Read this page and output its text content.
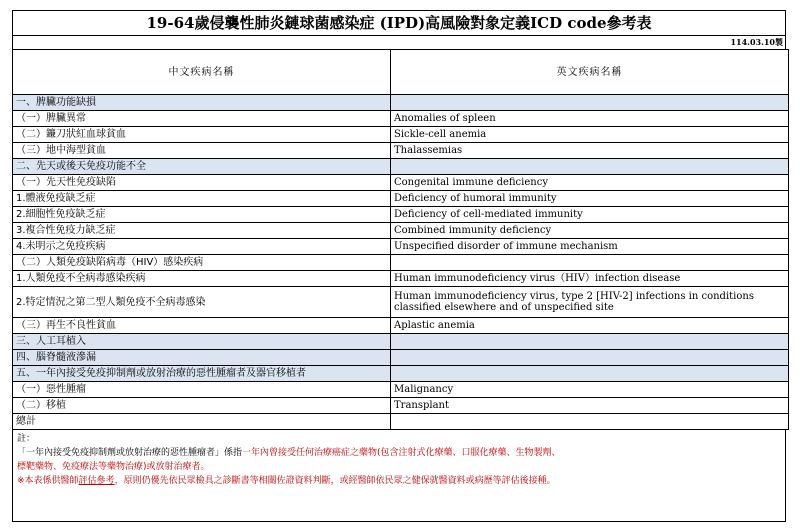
19-64歲侵襲性肺炎鏈球菌感染症 (IPD)高風險對象定義ICD code參考表
114.03.10製
中文疾病名稱	英文疾病名稱
一、脾臟功能缺損	
（一）脾臟異常	Anomalies of spleen
（二）鐮刀狀紅血球貧血	Sickle-cell anemia
（三）地中海型貧血	Thalassemias
二、先天或後天免疫功能不全	
（一）先天性免疫缺陷	Congenital immune deficiency
1.體液免疫缺乏症	Deficiency of humoral immunity
2.細胞性免疫缺乏症	Deficiency of cell-mediated immunity
3.複合性免疫力缺乏症	Combined immunity deficiency
4.未明示之免疫疾病	Unspecified disorder of immune mechanism
（二）人類免疫缺陷病毒（HIV）感染疾病	
1.人類免疫不全病毒感染疾病	Human immunodeficiency virus（HIV）infection disease
2.特定情況之第二型人類免疫不全病毒感染	Human immunodeficiency virus, type 2 [HIV-2] infections in conditions classified elsewhere and of unspecified site
（三）再生不良性貧血	Aplastic anemia
三、人工耳植入	
四、腦脊髓液滲漏	
五、一年內接受免疫抑制劑或放射治療的惡性腫瘤者及器官移植者	
（一）惡性腫瘤	Malignancy
（二）移植	Transplant
總計	
註：
「一年內接受免疫抑制劑或放射治療的惡性腫瘤者」係指一年內曾接受任何治療癌症之藥物(包含注射式化療藥、口服化療藥、生物製劑、
標靶藥物、免疫療法等藥物治療)或放射治療者。
※本表係供醫師評估參考，原則仍優先依民眾檢具之診斷書等相關佐證資料判斷，或經醫師依民眾之健保就醫資料或病歷等評估後接種。
